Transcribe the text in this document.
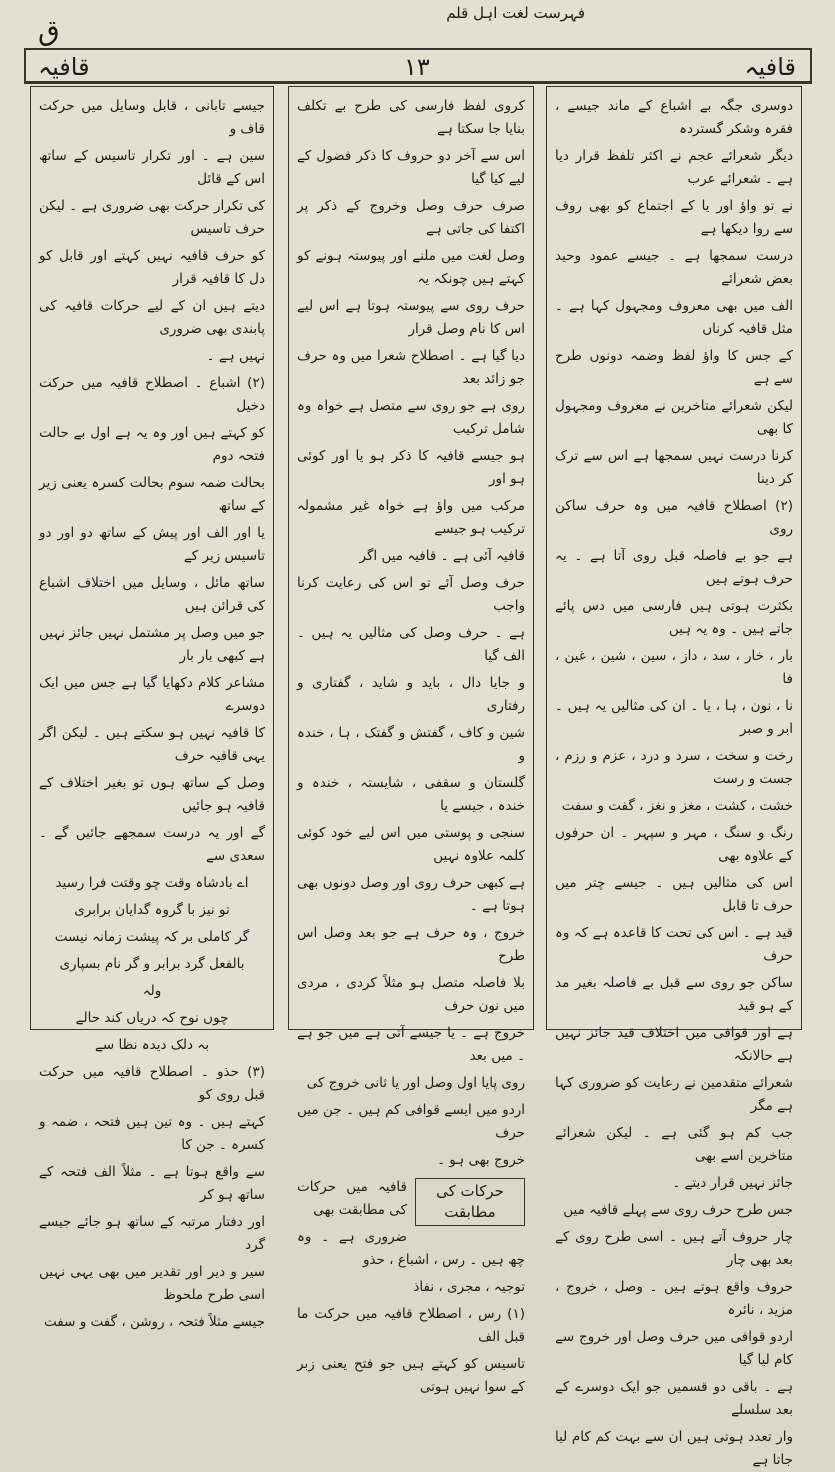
فہرست لغت اہل قلم
ق
قافیہ
۱۳
قافیہ

دوسری جگہ بے اشباع کے ماند جیسے ، فقرہ وشکر گستردہ

دیگر شعرائے عجم نے اکثر تلفظ قرار دیا ہے ۔ شعرائے عرب

نے تو واؤ اور یا کے اجتماع کو بھی روف سے روا دیکھا ہے

درست سمجھا ہے ۔ جیسے عمود وحید بعض شعرائے

الف میں بھی معروف ومجہول کہا ہے ۔ مثل قافیہ کرناں

کے جس کا واؤ لفظ وضمہ دونوں طرح سے ہے

لیکن شعرائے متاخرین نے معروف ومجہول کا بھی

کرنا درست نہیں سمجھا ہے اس سے ترک کر دینا

(۲) اصطلاح قافیہ میں وہ حرف ساکن روی

ہے جو بے فاصلہ قبل روی آتا ہے ۔ یہ حرف ہوتے ہیں

بکثرت ہوتی ہیں فارسی میں دس پائے جاتے ہیں ۔ وہ یہ ہیں

بار ، خار ، سد ، داز ، سین ، شین ، غین ، فا

نا ، نون ، ہا ، یا ۔ ان کی مثالیں یہ ہیں ۔ ابر و صبر

رخت و سخت ، سرد و درد ، عزم و رزم ، جست و رست

خشت ، کشت ، مغز و نغز ، گفت و سفت

رنگ و سنگ ، مہر و سپہر ۔ ان حرفوں کے علاوہ بھی

اس کی مثالیں ہیں ۔ جیسے چتر میں حرف تا قابل

قید ہے ۔ اس کی تحت کا قاعدہ ہے کہ وہ حرف

ساکن جو روی سے قبل بے فاصلہ بغیر مد کے ہو قید

ہے اور قوافی میں اختلاف قید جائز نہیں ہے حالانکہ

شعرائے متقدمین نے رعایت کو ضروری کہا ہے مگر

جب کم ہو گئی ہے ۔ لیکن شعرائے متاخرین اسے بھی

جائز نہیں قرار دیتے ۔

جس طرح حرف روی سے پہلے قافیہ میں

چار حروف آتے ہیں ۔ اسی طرح روی کے بعد بھی چار

حروف واقع ہوتے ہیں ۔ وصل ، خروج ، مزید ، نائرہ

اردو قوافی میں حرف وصل اور خروج سے کام لیا گیا

ہے ۔ باقی دو قسمیں جو ایک دوسرے کے بعد سلسلے

وار تعدد ہوتی ہیں ان سے بہت کم کام لیا جاتا ہے

کروی لفظ فارسی کی طرح بے تکلف بنایا جا سکتا ہے

اس سے آخر دو حروف کا ذکر فضول کے لیے کیا گیا

صرف حرف وصل وخروج کے ذکر پر اکتفا کی جاتی ہے

وصل لغت میں ملنے اور پیوستہ ہونے کو کہتے ہیں چونکہ یہ

حرف روی سے پیوستہ ہوتا ہے اس لیے اس کا نام وصل قرار

دیا گیا ہے ۔ اصطلاح شعرا میں وہ حرف جو زائد بعد

روی ہے جو روی سے متصل ہے خواہ وہ شامل ترکیب

ہو جیسے قافیہ کا ذکر ہو یا اور کوئی ہو اور

مرکب میں واؤ ہے خواہ غیر مشمولہ ترکیب ہو جیسے

قافیہ آئی ہے ۔ قافیہ میں اگر

حرف وصل آئے تو اس کی رعایت کرنا واجب

ہے ۔ حرف وصل کی مثالیں یہ ہیں ۔ الف گیا

و جایا دال ، باید و شاید ، گفتاری و رفتاری

شین و کاف ، گفتش و گفتک ، ہا ، خندہ و

گلستان و سقفی ، شایستہ ، خندہ و خندہ ، جیسے یا

سنجی و پوستی میں اس لیے خود کوئی کلمہ علاوہ نہیں

ہے کبھی حرف روی اور وصل دونوں بھی ہوتا ہے ۔

خروج ، وہ حرف ہے جو بعد وصل اس طرح

بلا فاصلہ متصل ہو مثلاً کردی ، مردی میں نون حرف

خروج ہے ۔ یا جیسے آتی ہے میں جو ہے ۔ میں بعد

روی پایا اول وصل اور یا ثانی خروج کی

اردو میں ایسے قوافی کم ہیں ۔ جن میں حرف

خروج بھی ہو ۔

حرکات کی مطابقت

قافیہ میں حرکات کی مطابقت بھی

ضروری ہے ۔ وہ چھ ہیں ۔ رس ، اشباع ، حذو

توجیہ ، مجری ، نفاذ

(۱) رس ، اصطلاح قافیہ میں حرکت ما قبل الف

تاسیس کو کہتے ہیں جو فتح یعنی زبر کے سوا نہیں ہوتی

جیسے تابانی ، قابل وسایل میں حرکت قاف و

سین ہے ۔ اور تکرار تاسیس کے ساتھ اس کے قائل

کی تکرار حرکت بھی ضروری ہے ۔ لیکن حرف تاسیس

کو حرف قافیہ نہیں کہتے اور قابل کو دل کا قافیہ قرار

دیتے ہیں ان کے لیے حرکات قافیہ کی پابندی بھی ضروری

نہیں ہے ۔

(۲) اشباع ۔ اصطلاح قافیہ میں حرکت دخیل

کو کہتے ہیں اور وہ یہ ہے اول بے حالت فتحہ دوم

بحالت ضمہ سوم بحالت کسرہ یعنی زیر کے ساتھ

یا اور الف اور پیش کے ساتھ دو اور دو تاسیس زیر کے

ساتھ مائل ، وسایل میں اختلاف اشباع کی قرائن ہیں

جو میں وصل پر مشتمل نہیں جائز نہیں ہے کبھی بار بار

مشاعر کلام دکھایا گیا ہے جس میں ایک دوسرے

کا قافیہ نہیں ہو سکتے ہیں ۔ لیکن اگر یہی قافیہ حرف

وصل کے ساتھ ہوں تو بغیر اختلاف کے قافیہ ہو جائیں

گے اور یہ درست سمجھے جائیں گے ۔ سعدی سے

اے بادشاہ وقت چو وقتت فرا رسید

تو نیز با گروہ گدایان برابری

گر کاملی بر کہ پیشت زمانہ نیست

بالفعل گرد برابر و گر نام بسپاری

ولہ

چوں نوح کہ دریاں کند حالے

بہ دلک دیدہ نظا سے

(۳) حذو ۔ اصطلاح قافیہ میں حرکت قبل روی کو

کہتے ہیں ۔ وہ تین ہیں فتحہ ، ضمہ و کسرہ ۔ جن کا

سے واقع ہوتا ہے ۔ مثلاً الف فتحہ کے ساتھ ہو کر

اور دفتار مرتبہ کے ساتھ ہو جائے جیسے گرد

سیر و دیر اور تقدیر میں بھی یہی نہیں اسی طرح ملحوظ

جیسے مثلاً فتحہ ، روشن ، گفت و سفت
